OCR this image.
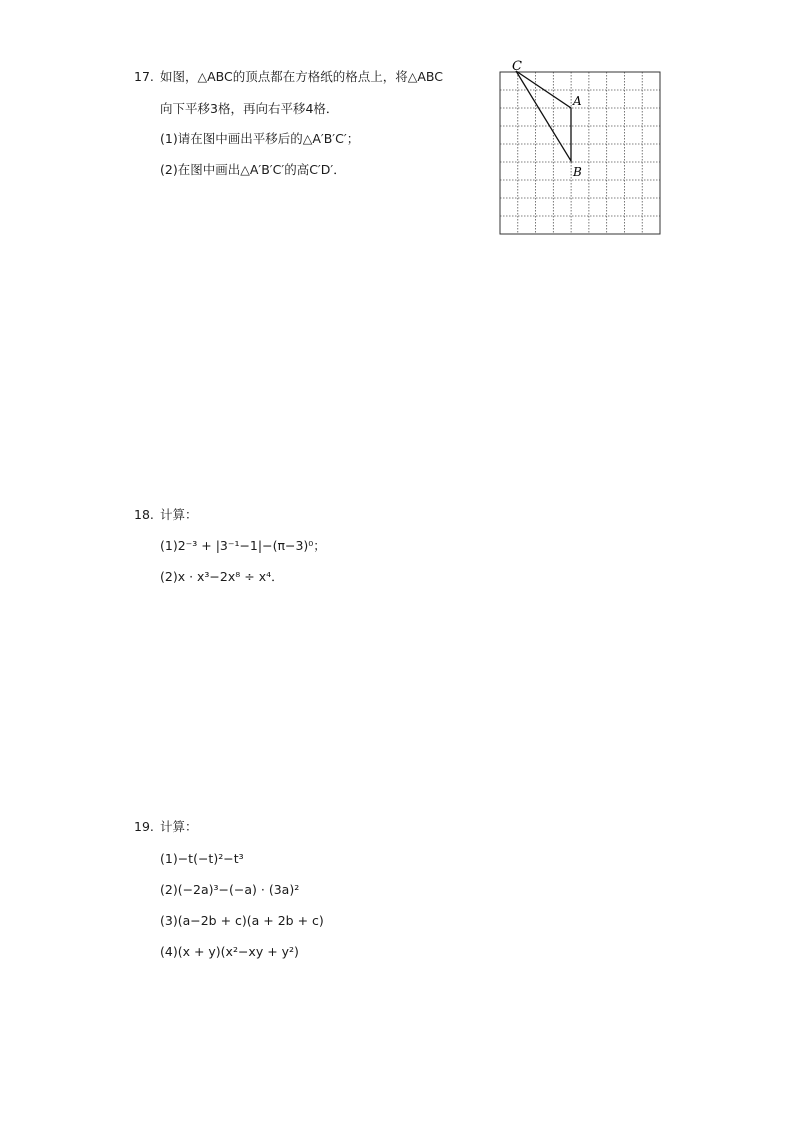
17. 如图，△ABC的顶点都在方格纸的格点上，将△ABC
向下平移3格，再向右平移4格．
(1)请在图中画出平移后的△A′B′C′；
(2)在图中画出△A′B′C′的高C′D′．
C
A
B
18. 计算：
(1)2⁻³ + |3⁻¹−1|−(π−3)⁰；
(2)x · x³−2x⁸ ÷ x⁴．
19. 计算：
(1)−t(−t)²−t³
(2)(−2a)³−(−a) · (3a)²
(3)(a−2b + c)(a + 2b + c)
(4)(x + y)(x²−xy + y²)
